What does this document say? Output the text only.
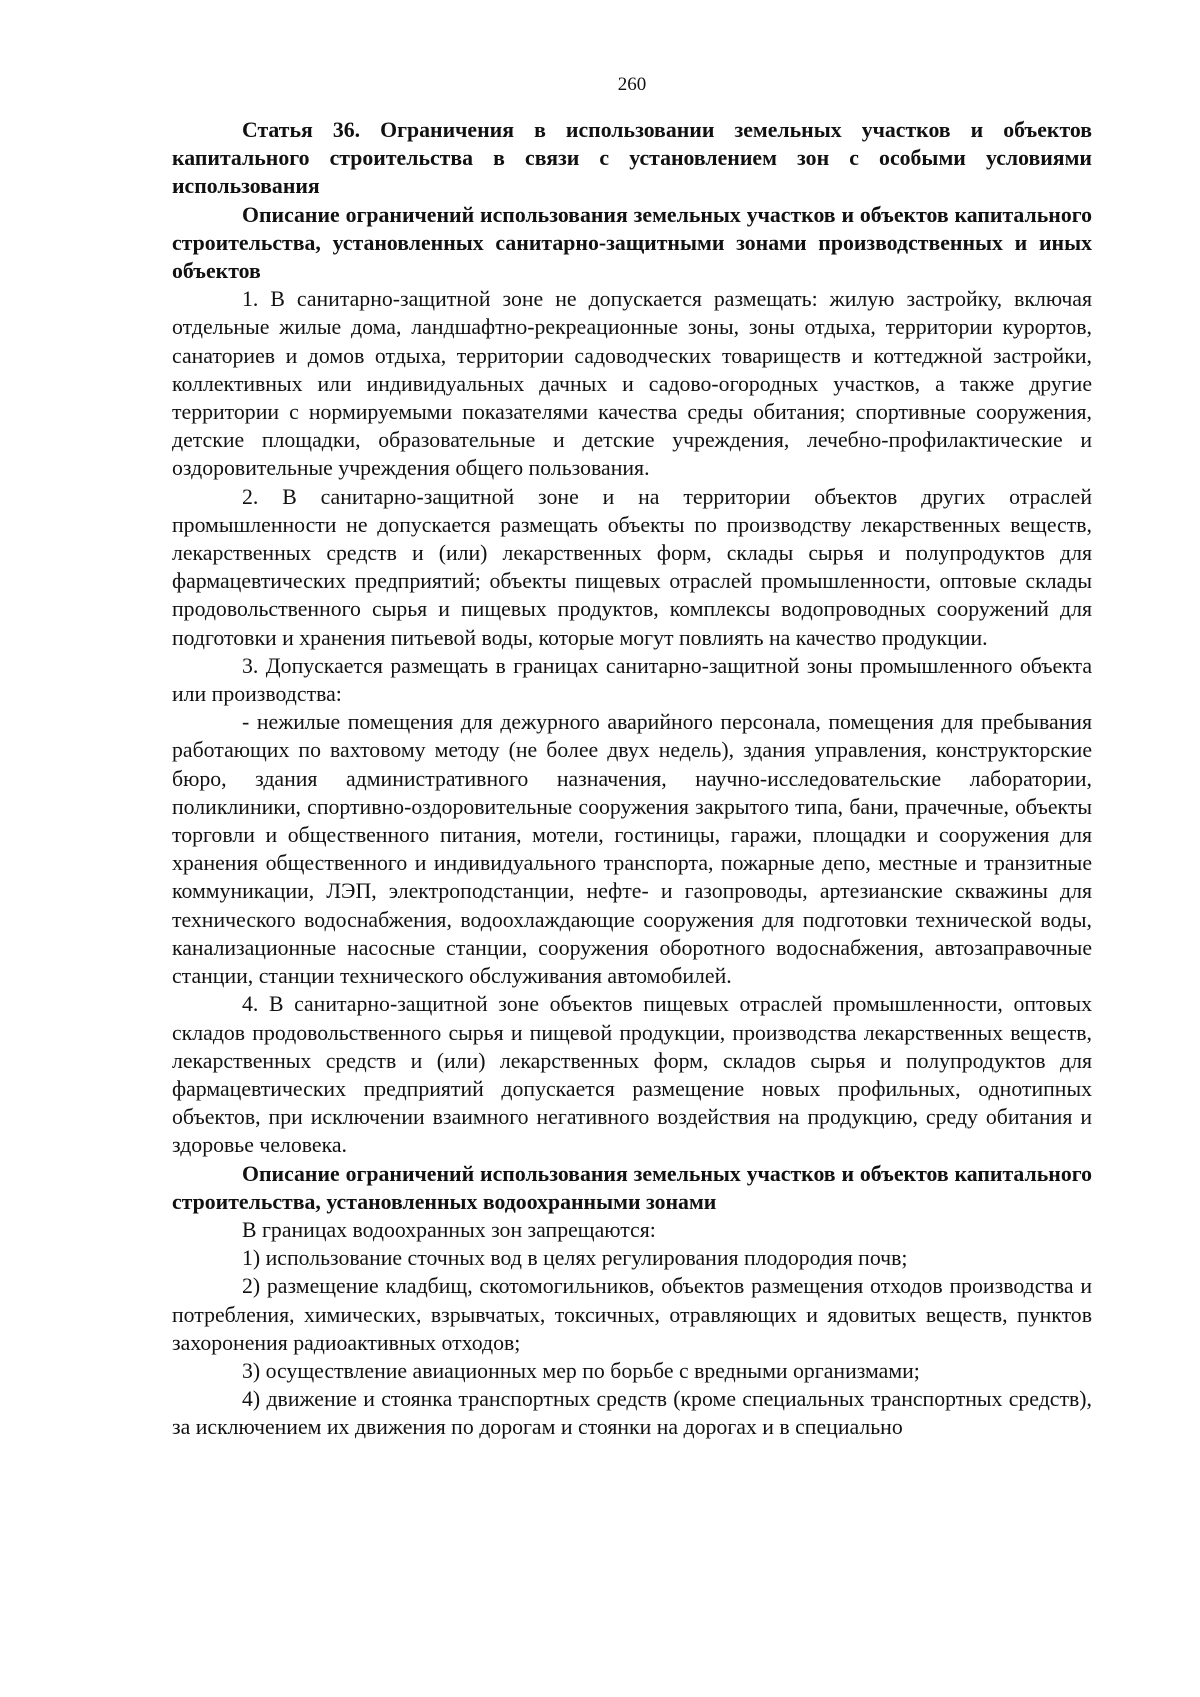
260

Статья 36. Ограничения в использовании земельных участков и объектов капитального строительства в связи с установлением зон с особыми условиями использования

Описание ограничений использования земельных участков и объектов капитального строительства, установленных санитарно-защитными зонами производственных и иных объектов

1. В санитарно-защитной зоне не допускается размещать: жилую застройку, включая отдельные жилые дома, ландшафтно-рекреационные зоны, зоны отдыха, территории курортов, санаториев и домов отдыха, территории садоводческих товариществ и коттеджной застройки, коллективных или индивидуальных дачных и садово-огородных участков, а также другие территории с нормируемыми показателями качества среды обитания; спортивные сооружения, детские площадки, образовательные и детские учреждения, лечебно-профилактические и оздоровительные учреждения общего пользования.

2. В санитарно-защитной зоне и на территории объектов других отраслей промышленности не допускается размещать объекты по производству лекарственных веществ, лекарственных средств и (или) лекарственных форм, склады сырья и полупродуктов для фармацевтических предприятий; объекты пищевых отраслей промышленности, оптовые склады продовольственного сырья и пищевых продуктов, комплексы водопроводных сооружений для подготовки и хранения питьевой воды, которые могут повлиять на качество продукции.

3. Допускается размещать в границах санитарно-защитной зоны промышленного объекта или производства:

- нежилые помещения для дежурного аварийного персонала, помещения для пребывания работающих по вахтовому методу (не более двух недель), здания управления, конструкторские бюро, здания административного назначения, научно-исследовательские лаборатории, поликлиники, спортивно-оздоровительные сооружения закрытого типа, бани, прачечные, объекты торговли и общественного питания, мотели, гостиницы, гаражи, площадки и сооружения для хранения общественного и индивидуального транспорта, пожарные депо, местные и транзитные коммуникации, ЛЭП, электроподстанции, нефте- и газопроводы, артезианские скважины для технического водоснабжения, водоохлаждающие сооружения для подготовки технической воды, канализационные насосные станции, сооружения оборотного водоснабжения, автозаправочные станции, станции технического обслуживания автомобилей.

4. В санитарно-защитной зоне объектов пищевых отраслей промышленности, оптовых складов продовольственного сырья и пищевой продукции, производства лекарственных веществ, лекарственных средств и (или) лекарственных форм, складов сырья и полупродуктов для фармацевтических предприятий допускается размещение новых профильных, однотипных объектов, при исключении взаимного негативного воздействия на продукцию, среду обитания и здоровье человека.

Описание ограничений использования земельных участков и объектов капитального строительства, установленных водоохранными зонами

В границах водоохранных зон запрещаются:

1) использование сточных вод в целях регулирования плодородия почв;

2) размещение кладбищ, скотомогильников, объектов размещения отходов производства и потребления, химических, взрывчатых, токсичных, отравляющих и ядовитых веществ, пунктов захоронения радиоактивных отходов;

3) осуществление авиационных мер по борьбе с вредными организмами;

4) движение и стоянка транспортных средств (кроме специальных транспортных средств), за исключением их движения по дорогам и стоянки на дорогах и в специально
